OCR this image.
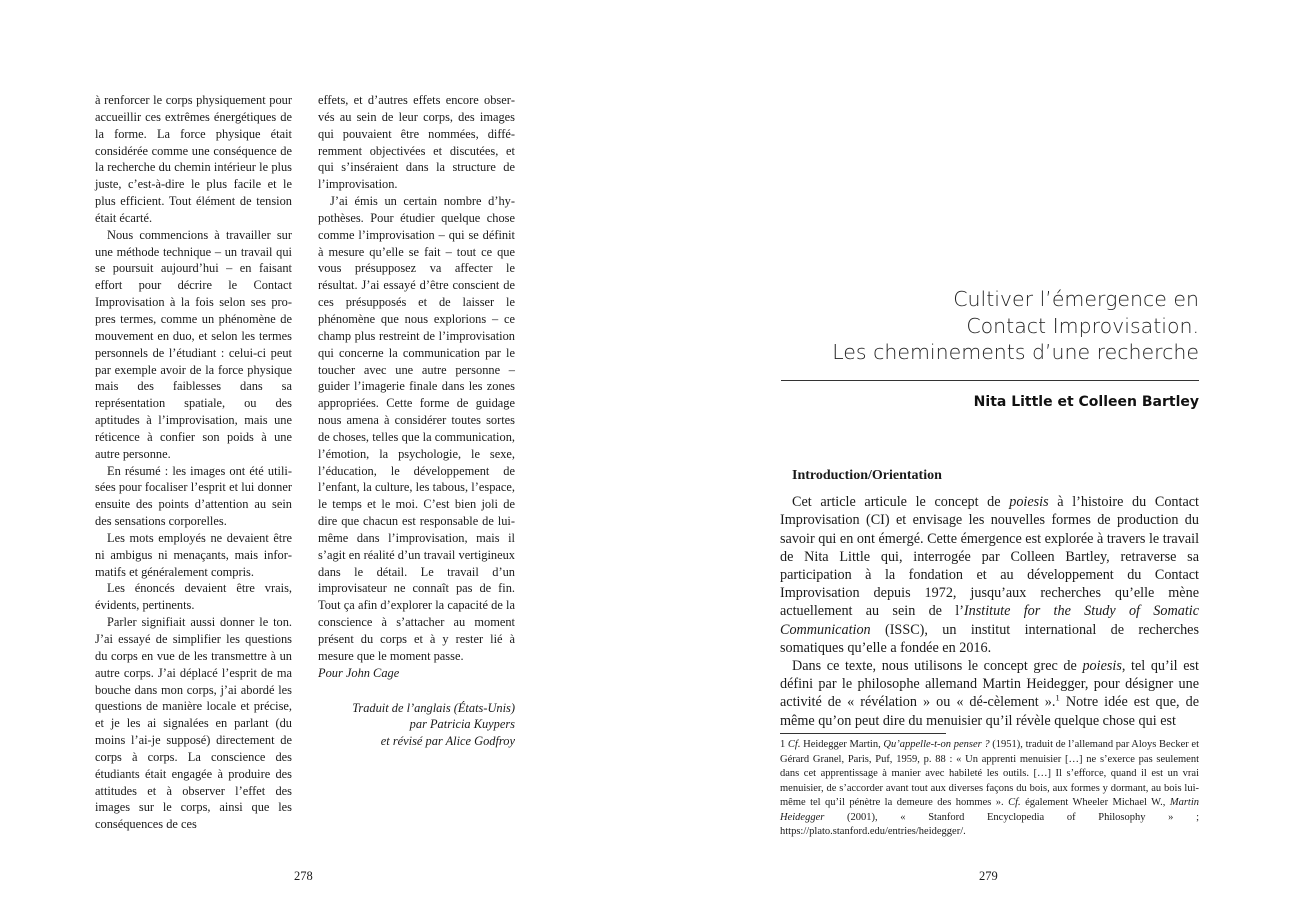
à renforcer le corps physiquement pour accueillir ces extrêmes énergétiques de la forme. La force physique était considérée comme une conséquence de la recherche du chemin intérieur le plus juste, c’est-à-dire le plus facile et le plus efficient. Tout élément de tension était écarté.

Nous commencions à travailler sur une méthode technique – un travail qui se poursuit aujourd’hui – en faisant effort pour décrire le Contact Improvisation à la fois selon ses propres termes, comme un phénomène de mouvement en duo, et selon les termes personnels de l’étudiant : celui-ci peut par exemple avoir de la force physique mais des faiblesses dans sa représentation spatiale, ou des aptitudes à l’improvisation, mais une réticence à confier son poids à une autre personne.

En résumé : les images ont été utilisées pour focaliser l’esprit et lui donner ensuite des points d’attention au sein des sensations corporelles.

Les mots employés ne devaient être ni ambigus ni menaçants, mais informatifs et généralement compris.

Les énoncés devaient être vrais, évidents, pertinents.

Parler signifiait aussi donner le ton. J’ai essayé de simplifier les questions du corps en vue de les transmettre à un autre corps. J’ai déplacé l’esprit de ma bouche dans mon corps, j’ai abordé les questions de manière locale et précise, et je les ai signalées en parlant (du moins l’ai-je supposé) directement de corps à corps. La conscience des étudiants était engagée à produire des attitudes et à observer l’effet des images sur le corps, ainsi que les conséquences de ces

effets, et d’autres effets encore observés au sein de leur corps, des images qui pouvaient être nommées, différemment objectivées et discutées, et qui s’inséraient dans la structure de l’improvisation.

J’ai émis un certain nombre d’hypothèses. Pour étudier quelque chose comme l’improvisation – qui se définit à mesure qu’elle se fait – tout ce que vous présupposez va affecter le résultat. J’ai essayé d’être conscient de ces présupposés et de laisser le phénomène que nous explorions – ce champ plus restreint de l’improvisation qui concerne la communication par le toucher avec une autre personne – guider l’imagerie finale dans les zones appropriées. Cette forme de guidage nous amena à considérer toutes sortes de choses, telles que la communication, l’émotion, la psychologie, le sexe, l’éducation, le développement de l’enfant, la culture, les tabous, l’espace, le temps et le moi. C’est bien joli de dire que chacun est responsable de lui-même dans l’improvisation, mais il s’agit en réalité d’un travail vertigineux dans le détail. Le travail d’un improvisateur ne connaît pas de fin. Tout ça afin d’explorer la capacité de la conscience à s’attacher au moment présent du corps et à y rester lié à mesure que le moment passe.

Pour John Cage

Traduit de l’anglais (États-Unis)
par Patricia Kuypers
et révisé par Alice Godfroy

278
Cultiver l’émergence en
Contact Improvisation.
Les cheminements d’une recherche
Nita Little et Colleen Bartley
Introduction/Orientation

Cet article articule le concept de poiesis à l’histoire du Contact Improvisation (CI) et envisage les nouvelles formes de production du savoir qui en ont émergé. Cette émergence est explorée à travers le travail de Nita Little qui, interrogée par Colleen Bartley, retraverse sa participation à la fondation et au développement du Contact Improvisation depuis 1972, jusqu’aux recherches qu’elle mène actuellement au sein de l’Institute for the Study of Somatic Communication (ISSC), un institut international de recherches somatiques qu’elle a fondée en 2016.

Dans ce texte, nous utilisons le concept grec de poiesis, tel qu’il est défini par le philosophe allemand Martin Heidegger, pour désigner une activité de « révélation » ou « dé-cèlement ».$^1$ Notre idée est que, de même qu’on peut dire du menuisier qu’il révèle quelque chose qui est

1 Cf. Heidegger Martin, Qu’appelle-t-on penser ? (1951), traduit de l’allemand par Aloys Becker et Gérard Granel, Paris, Puf, 1959, p. 88 : « Un apprenti menuisier […] ne s’exerce pas seulement dans cet apprentissage à manier avec habileté les outils. […] Il s’efforce, quand il est un vrai menuisier, de s’accorder avant tout aux diverses façons du bois, aux formes y dormant, au bois lui-même tel qu’il pénètre la demeure des hommes ». Cf. également Wheeler Michael W., Martin Heidegger (2001), « Stanford Encyclopedia of Philosophy » ; https://plato.stanford.edu/entries/heidegger/.
279
